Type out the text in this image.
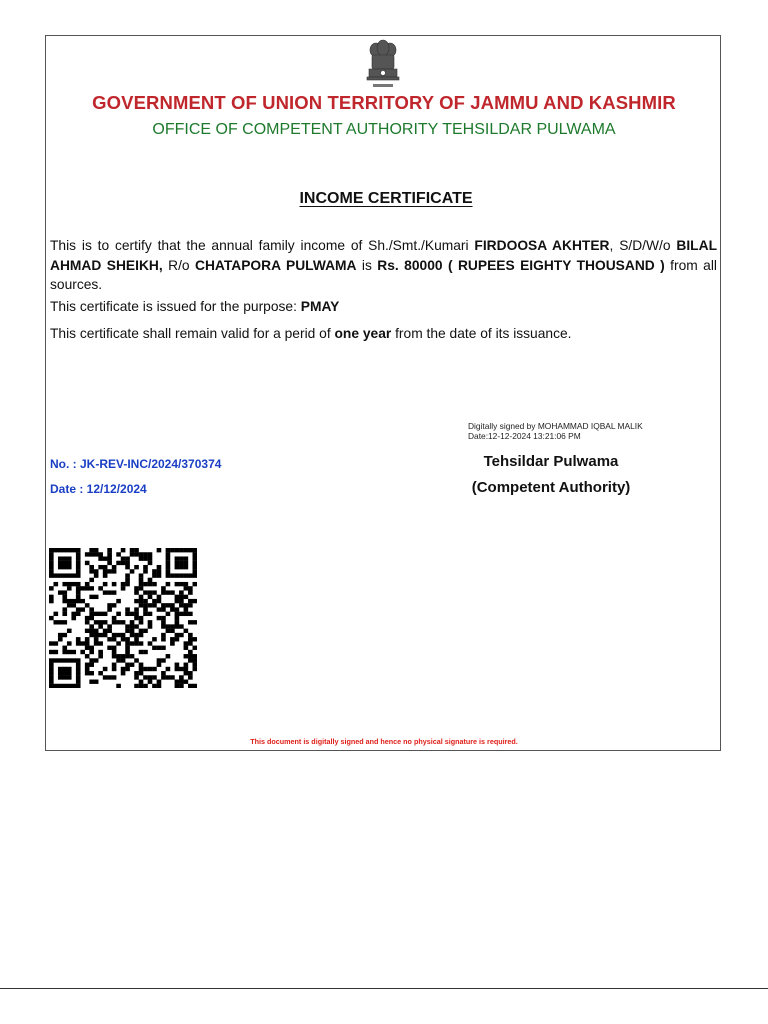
GOVERNMENT OF UNION TERRITORY OF JAMMU AND KASHMIR
OFFICE OF COMPETENT AUTHORITY TEHSILDAR PULWAMA
INCOME CERTIFICATE

This is to certify that the annual family income of Sh./Smt./Kumari FIRDOOSA AKHTER, S/D/W/o BILAL AHMAD SHEIKH, R/o CHATAPORA PULWAMA is Rs. 80000 ( RUPEES EIGHTY THOUSAND ) from all sources.

This certificate is issued for the purpose: PMAY

This certificate shall remain valid for a perid of one year from the date of its issuance.

Digitally signed by MOHAMMAD IQBAL MALIK
Date:12-12-2024 13:21:06 PM
No. : JK-REV-INC/2024/370374
Date : 12/12/2024
Tehsildar Pulwama
(Competent Authority)
This document is digitally signed and hence no physical signature is required.
